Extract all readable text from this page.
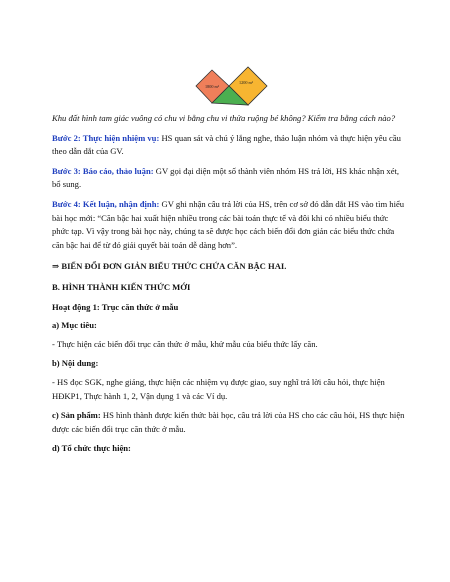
1800 m²
1200 m²

Khu đất hình tam giác vuông có chu vi bằng chu vi thửa ruộng bé không? Kiểm tra bằng cách nào?

Bước 2: Thực hiện nhiệm vụ: HS quan sát và chú ý lắng nghe, thảo luận nhóm và thực hiện yêu cầu theo dẫn dắt của GV.

Bước 3: Báo cáo, thảo luận: GV gọi đại diện một số thành viên nhóm HS trả lời, HS khác nhận xét, bổ sung.

Bước 4: Kết luận, nhận định: GV ghi nhận câu trả lời của HS, trên cơ sở đó dẫn dắt HS vào tìm hiểu bài học mới: “Căn bậc hai xuất hiện nhiều trong các bài toán thực tế và đôi khi có nhiều biểu thức phức tạp. Vì vậy trong bài học này, chúng ta sẽ được học cách biến đổi đơn giản các biểu thức chứa căn bậc hai để từ đó giải quyết bài toán dễ dàng hơn”.

⇒ BIẾN ĐỔI ĐƠN GIẢN BIỂU THỨC CHỨA CĂN BẬC HAI.

B. HÌNH THÀNH KIẾN THỨC MỚI

Hoạt động 1: Trục căn thức ở mẫu

a) Mục tiêu:

- Thực hiện các biến đổi trục căn thức ở mẫu, khử mẫu của biểu thức lấy căn.

b) Nội dung:

- HS đọc SGK, nghe giảng, thực hiện các nhiệm vụ được giao, suy nghĩ trả lời câu hỏi, thực hiện HĐKP1, Thực hành 1, 2, Vận dụng 1 và các Ví dụ.

c) Sản phẩm: HS hình thành được kiến thức bài học, câu trả lời của HS cho các câu hỏi, HS thực hiện được các biến đổi trục căn thức ở mẫu.

d) Tổ chức thực hiện:
